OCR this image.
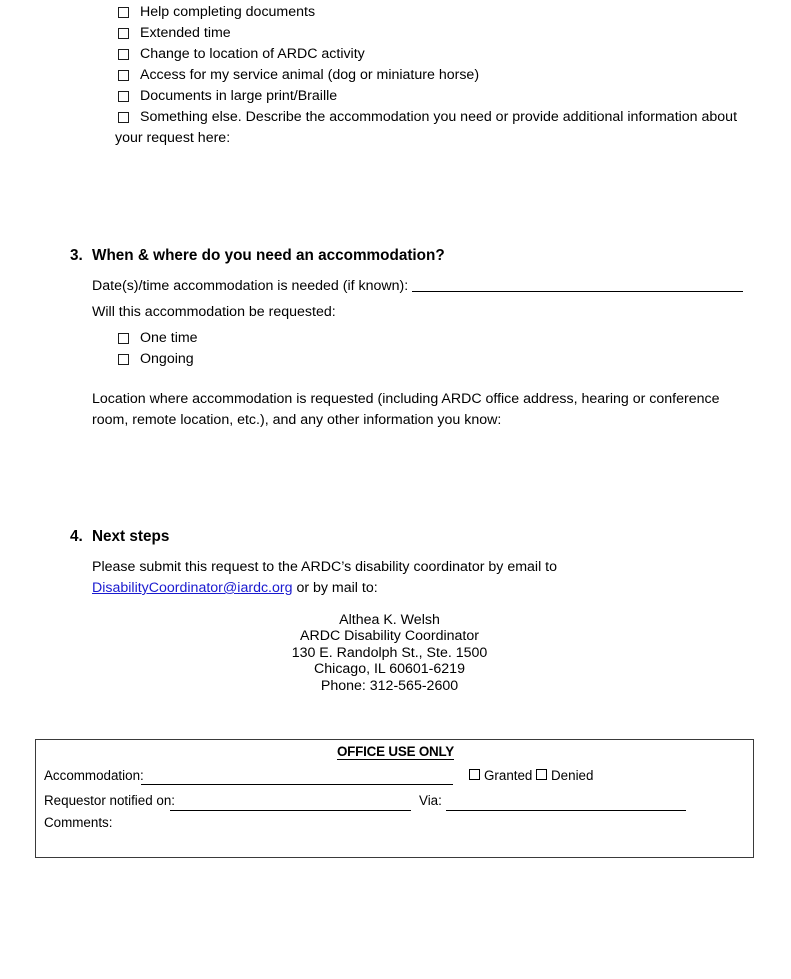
Help completing documents
Extended time
Change to location of ARDC activity
Access for my service animal (dog or miniature horse)
Documents in large print/Braille
Something else. Describe the accommodation you need or provide additional information about
your request here:
3. When & where do you need an accommodation?
Date(s)/time accommodation is needed (if known):
Will this accommodation be requested:
One time
Ongoing
Location where accommodation is requested (including ARDC office address, hearing or conference room, remote location, etc.), and any other information you know:
4. Next steps
Please submit this request to the ARDC’s disability coordinator by email to
DisabilityCoordinator@iardc.org or by mail to:
Althea K. Welsh
ARDC Disability Coordinator
130 E. Randolph St., Ste. 1500
Chicago, IL 60601-6219
Phone: 312-565-2600
OFFICE USE ONLY
Accommodation:	Granted Denied
Requestor notified on:	Via:
Comments:
